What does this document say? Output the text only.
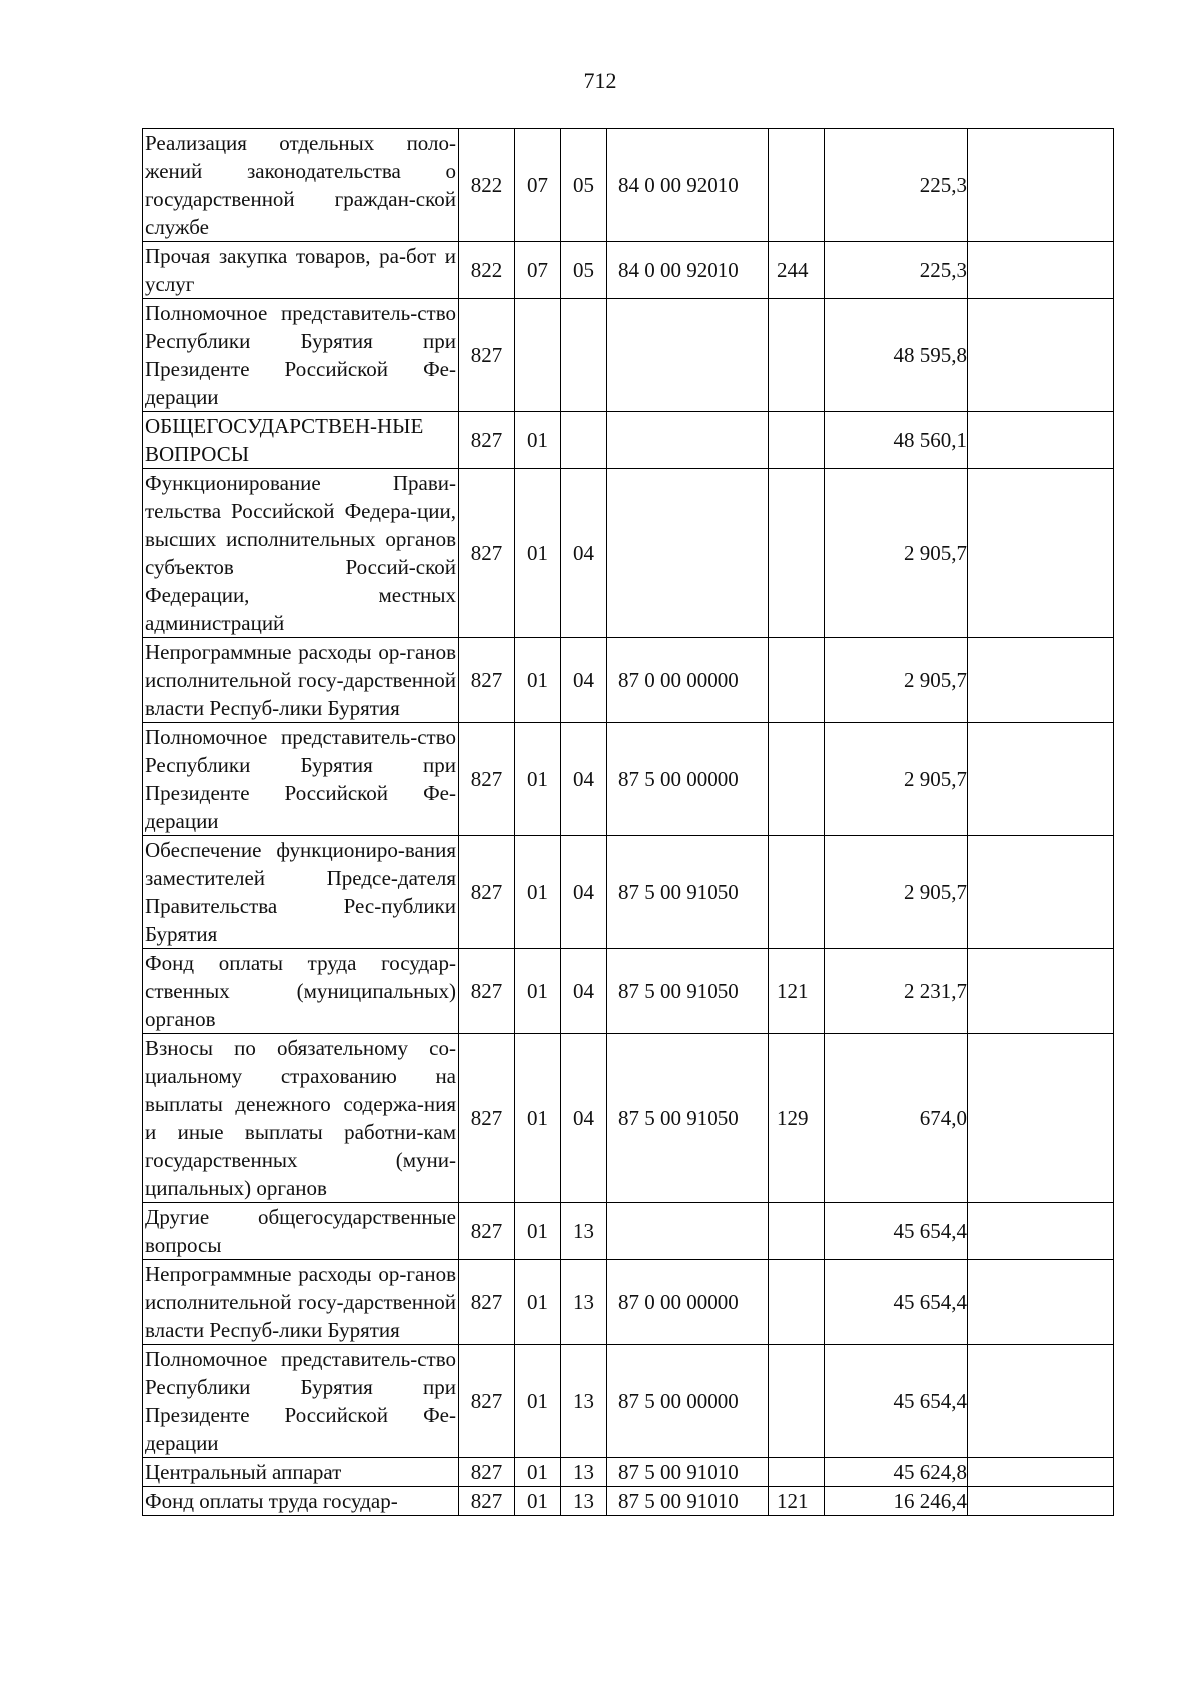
712
Реализация отдельных поло-жений законодательства о государственной граждан-ской службе	822	07	05	84 0 00 92010		225,3	
Прочая закупка товаров, ра-бот и услуг	822	07	05	84 0 00 92010	244	225,3	
Полномочное представитель-ство Республики Бурятия при Президенте Российской Фе-дерации	827					48 595,8	
ОБЩЕГОСУДАРСТВЕН-НЫЕ ВОПРОСЫ	827	01				48 560,1	
Функционирование Прави-тельства Российской Федера-ции, высших исполнительных органов субъектов Россий-ской Федерации, местных администраций	827	01	04			2 905,7	
Непрограммные расходы ор-ганов исполнительной госу-дарственной власти Респуб-лики Бурятия	827	01	04	87 0 00 00000		2 905,7	
Полномочное представитель-ство Республики Бурятия при Президенте Российской Фе-дерации	827	01	04	87 5 00 00000		2 905,7	
Обеспечение функциониро-вания заместителей Предсе-дателя Правительства Рес-публики Бурятия	827	01	04	87 5 00 91050		2 905,7	
Фонд оплаты труда государ-ственных (муниципальных) органов	827	01	04	87 5 00 91050	121	2 231,7	
Взносы по обязательному со-циальному страхованию на выплаты денежного содержа-ния и иные выплаты работни-кам государственных (муни-ципальных) органов	827	01	04	87 5 00 91050	129	674,0	
Другие общегосударственные вопросы	827	01	13			45 654,4	
Непрограммные расходы ор-ганов исполнительной госу-дарственной власти Респуб-лики Бурятия	827	01	13	87 0 00 00000		45 654,4	
Полномочное представитель-ство Республики Бурятия при Президенте Российской Фе-дерации	827	01	13	87 5 00 00000		45 654,4	
Центральный аппарат	827	01	13	87 5 00 91010		45 624,8	
Фонд оплаты труда государ-	827	01	13	87 5 00 91010	121	16 246,4	
